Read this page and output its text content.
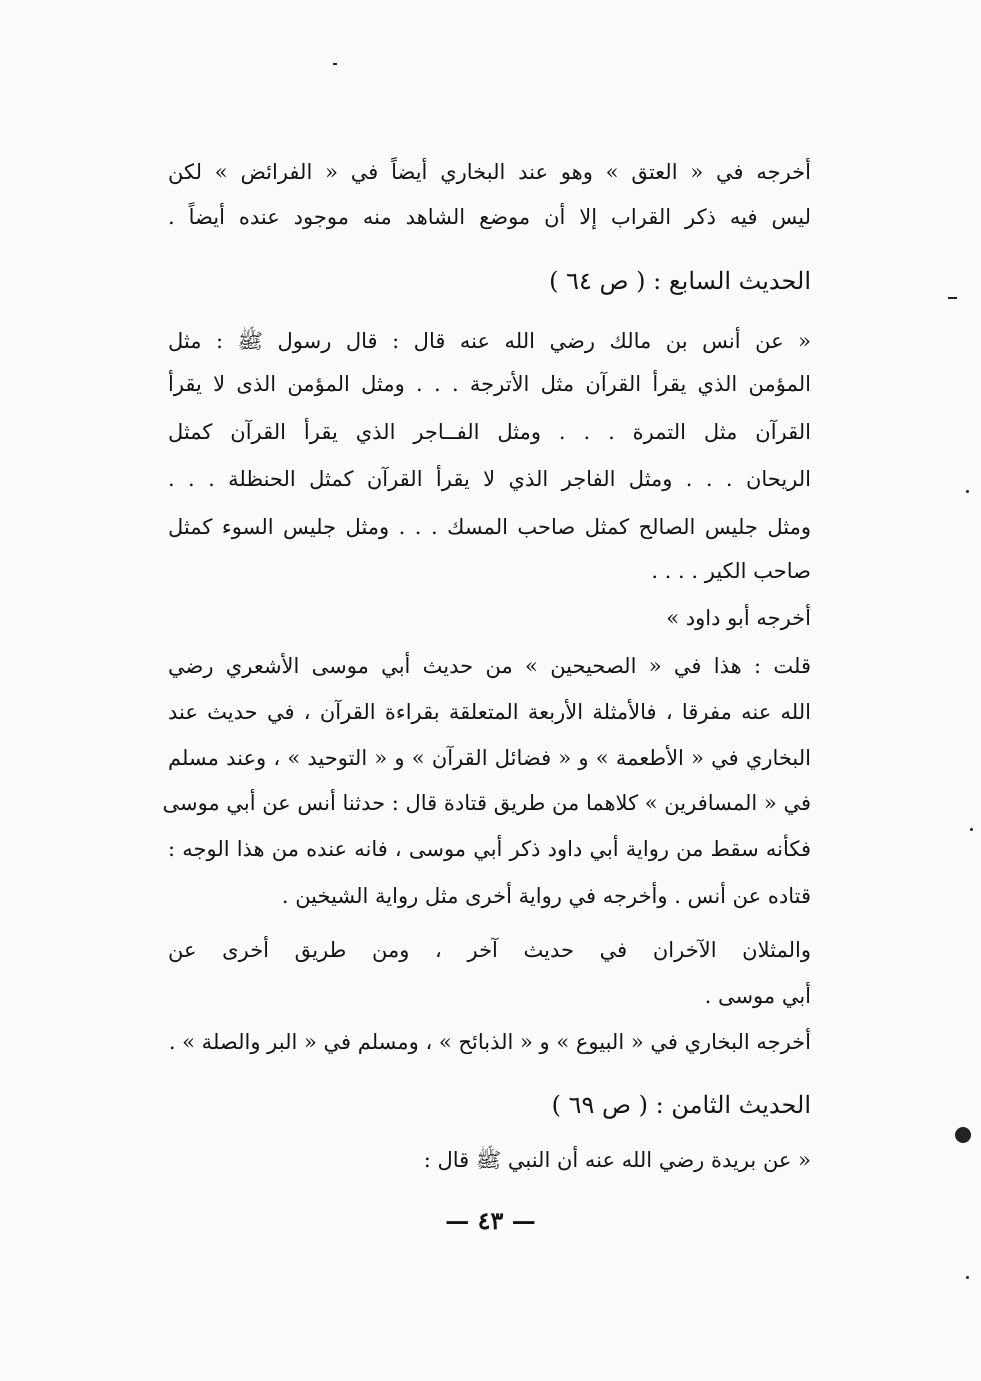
أخرجه في « العتق » وهو عند البخاري أيضاً في « الفرائض » لكن
ليس فيه ذكر القراب إلا أن موضع الشاهد منه موجود عنده أيضاً .
الحديث السابع : ( ص ٦٤ )
« عن أنس بن مالك رضي الله عنه قال : قال رسول ﷺ : مثل
المؤمن الذي يقرأ القرآن مثل الأترجة . . . ومثل المؤمن الذى لا يقرأ
القرآن مثل التمرة . . . ومثل الفــاجر الذي يقرأ القرآن كمثل
الريحان . . . ومثل الفاجر الذي لا يقرأ القرآن كمثل الحنظلة . . .
ومثل جليس الصالح كمثل صاحب المسك . . . ومثل جليس السوء كمثل
صاحب الكير . . . .
أخرجه أبو داود »
قلت : هذا في « الصحيحين » من حديث أبي موسى الأشعري رضي
الله عنه مفرقا ، فالأمثلة الأربعة المتعلقة بقراءة القرآن ، في حديث عند
البخاري في « الأطعمة » و « فضائل القرآن » و « التوحيد » ، وعند مسلم
في « المسافرين » كلاهما من طريق قتادة قال : حدثنا أنس عن أبي موسى
فكأنه سقط من رواية أبي داود ذكر أبي موسى ، فانه عنده من هذا الوجه :
قتاده عن أنس . وأخرجه في رواية أخرى مثل رواية الشيخين .
والمثلان الآخران في حديث آخر ، ومن طريق أخرى عن
أبي موسى .
أخرجه البخاري في « البيوع » و « الذبائح » ، ومسلم في « البر والصلة » .
الحديث الثامن : ( ص ٦٩ )
« عن بريدة رضي الله عنه أن النبي ﷺ قال :
— ٤٣ —
